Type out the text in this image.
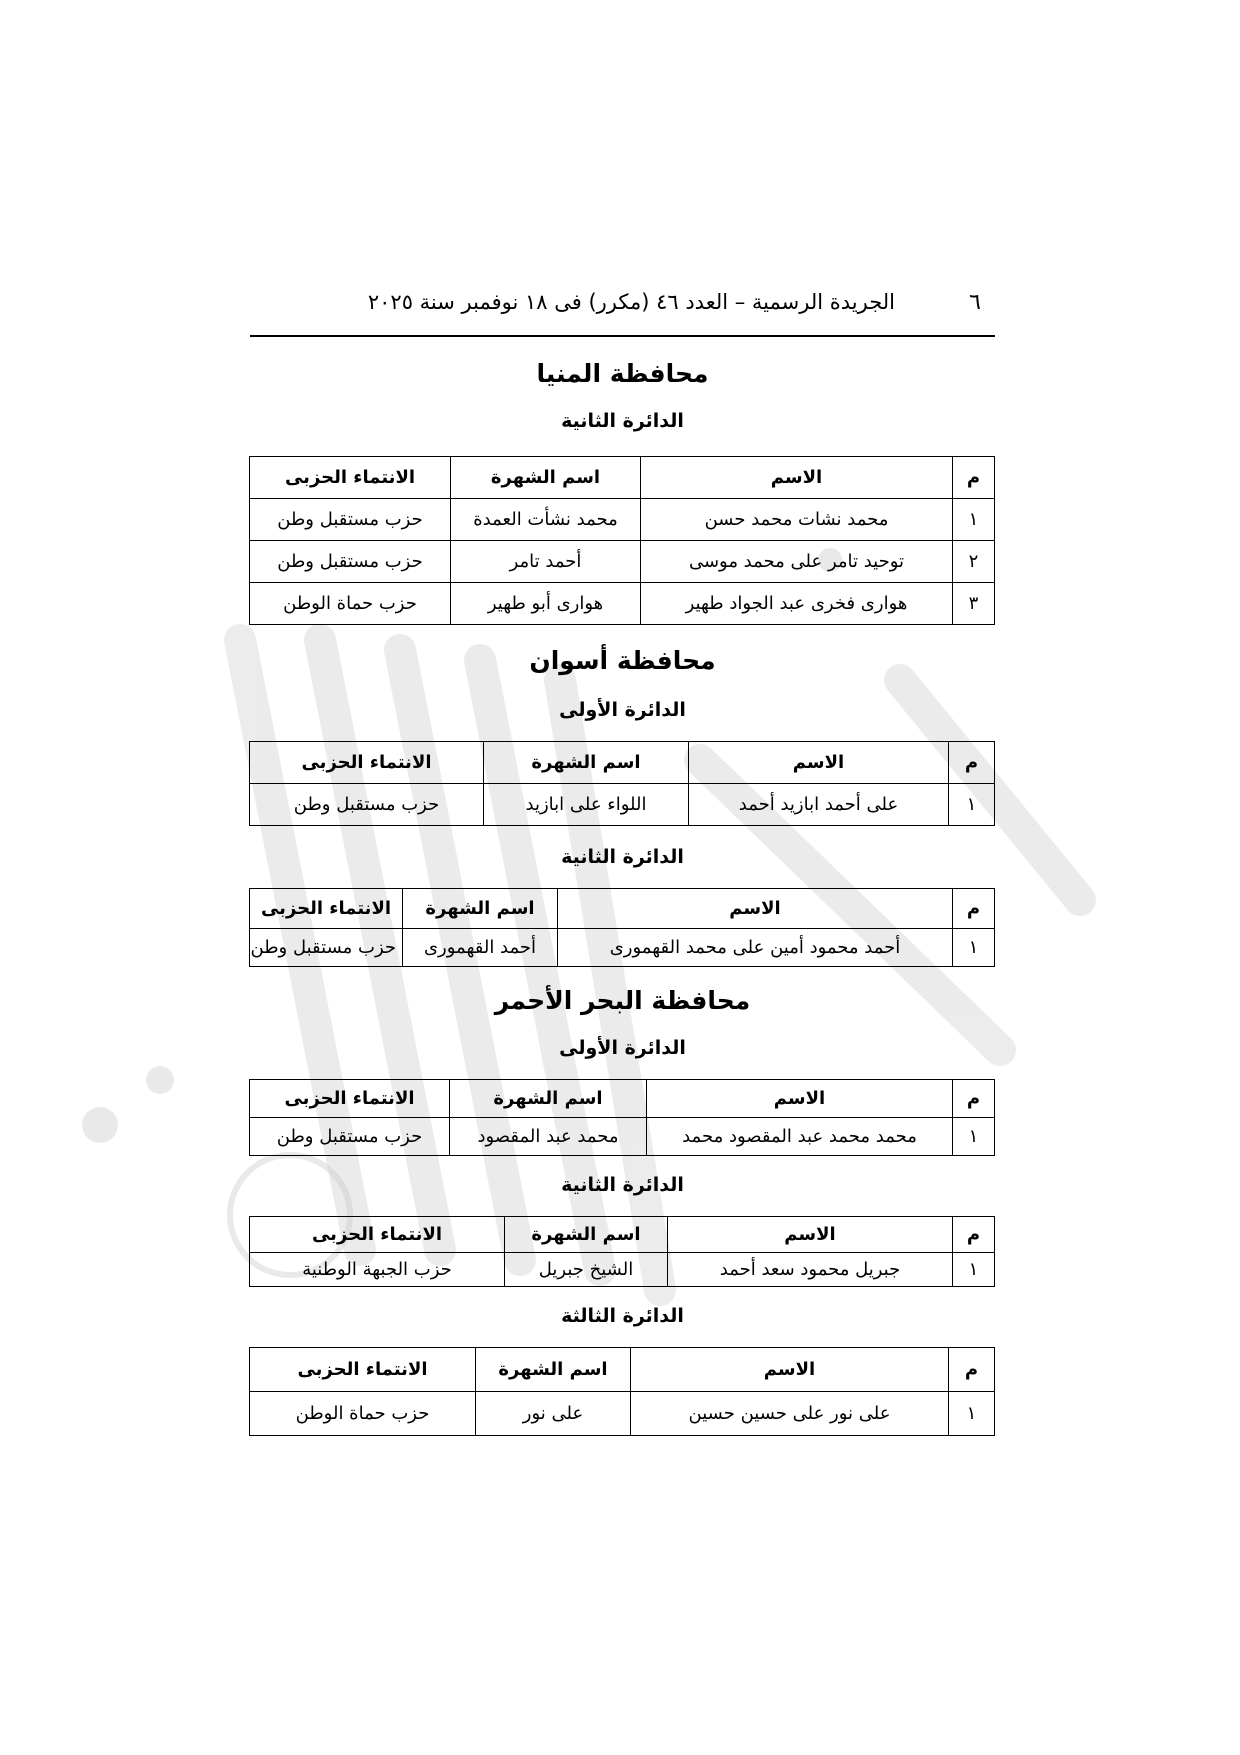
٦
الجريدة الرسمية – العدد ٤٦ (مكرر) فى ١٨ نوفمبر سنة ٢٠٢٥
محافظة المنيا
الدائرة الثانية
م	الاسم	اسم الشهرة	الانتماء الحزبى
١	محمد نشات محمد حسن	محمد نشأت العمدة	حزب مستقبل وطن
٢	توحيد تامر على محمد موسى	أحمد تامر	حزب مستقبل وطن
٣	هوارى فخرى عبد الجواد طهير	هوارى أبو طهير	حزب حماة الوطن
محافظة أسوان
الدائرة الأولى
م	الاسم	اسم الشهرة	الانتماء الحزبى
١	على أحمد ابازيد أحمد	اللواء على ابازيد	حزب مستقبل وطن
الدائرة الثانية
م	الاسم	اسم الشهرة	الانتماء الحزبى
١	أحمد محمود أمين على محمد القهمورى	أحمد القهمورى	حزب مستقبل وطن
محافظة البحر الأحمر
الدائرة الأولى
م	الاسم	اسم الشهرة	الانتماء الحزبى
١	محمد محمد عبد المقصود محمد	محمد عبد المقصود	حزب مستقبل وطن
الدائرة الثانية
م	الاسم	اسم الشهرة	الانتماء الحزبى
١	جبريل محمود سعد أحمد	الشيخ جبريل	حزب الجبهة الوطنية
الدائرة الثالثة
م	الاسم	اسم الشهرة	الانتماء الحزبى
١	على نور على حسين حسين	على نور	حزب حماة الوطن
